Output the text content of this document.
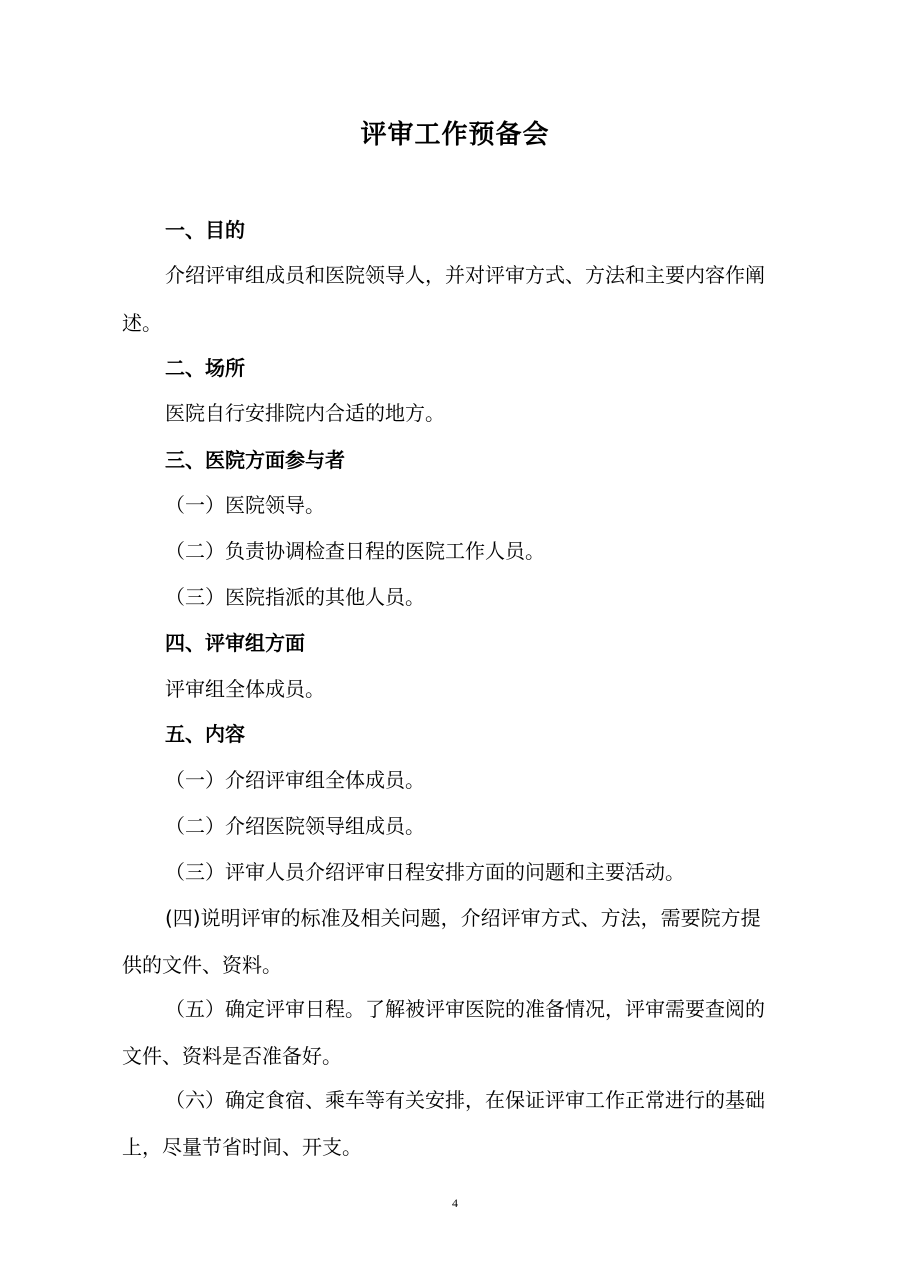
评审工作预备会
一、目的
介绍评审组成员和医院领导人，并对评审方式、方法和主要内容作阐
述。
二、场所
医院自行安排院内合适的地方。
三、医院方面参与者
（一）医院领导。
（二）负责协调检查日程的医院工作人员。
（三）医院指派的其他人员。
四、评审组方面
评审组全体成员。
五、内容
（一）介绍评审组全体成员。
（二）介绍医院领导组成员。
（三）评审人员介绍评审日程安排方面的问题和主要活动。
(四)说明评审的标准及相关问题，介绍评审方式、方法，需要院方提
供的文件、资料。
（五）确定评审日程。了解被评审医院的准备情况，评审需要查阅的
文件、资料是否准备好。
（六）确定食宿、乘车等有关安排，在保证评审工作正常进行的基础
上，尽量节省时间、开支。
4
